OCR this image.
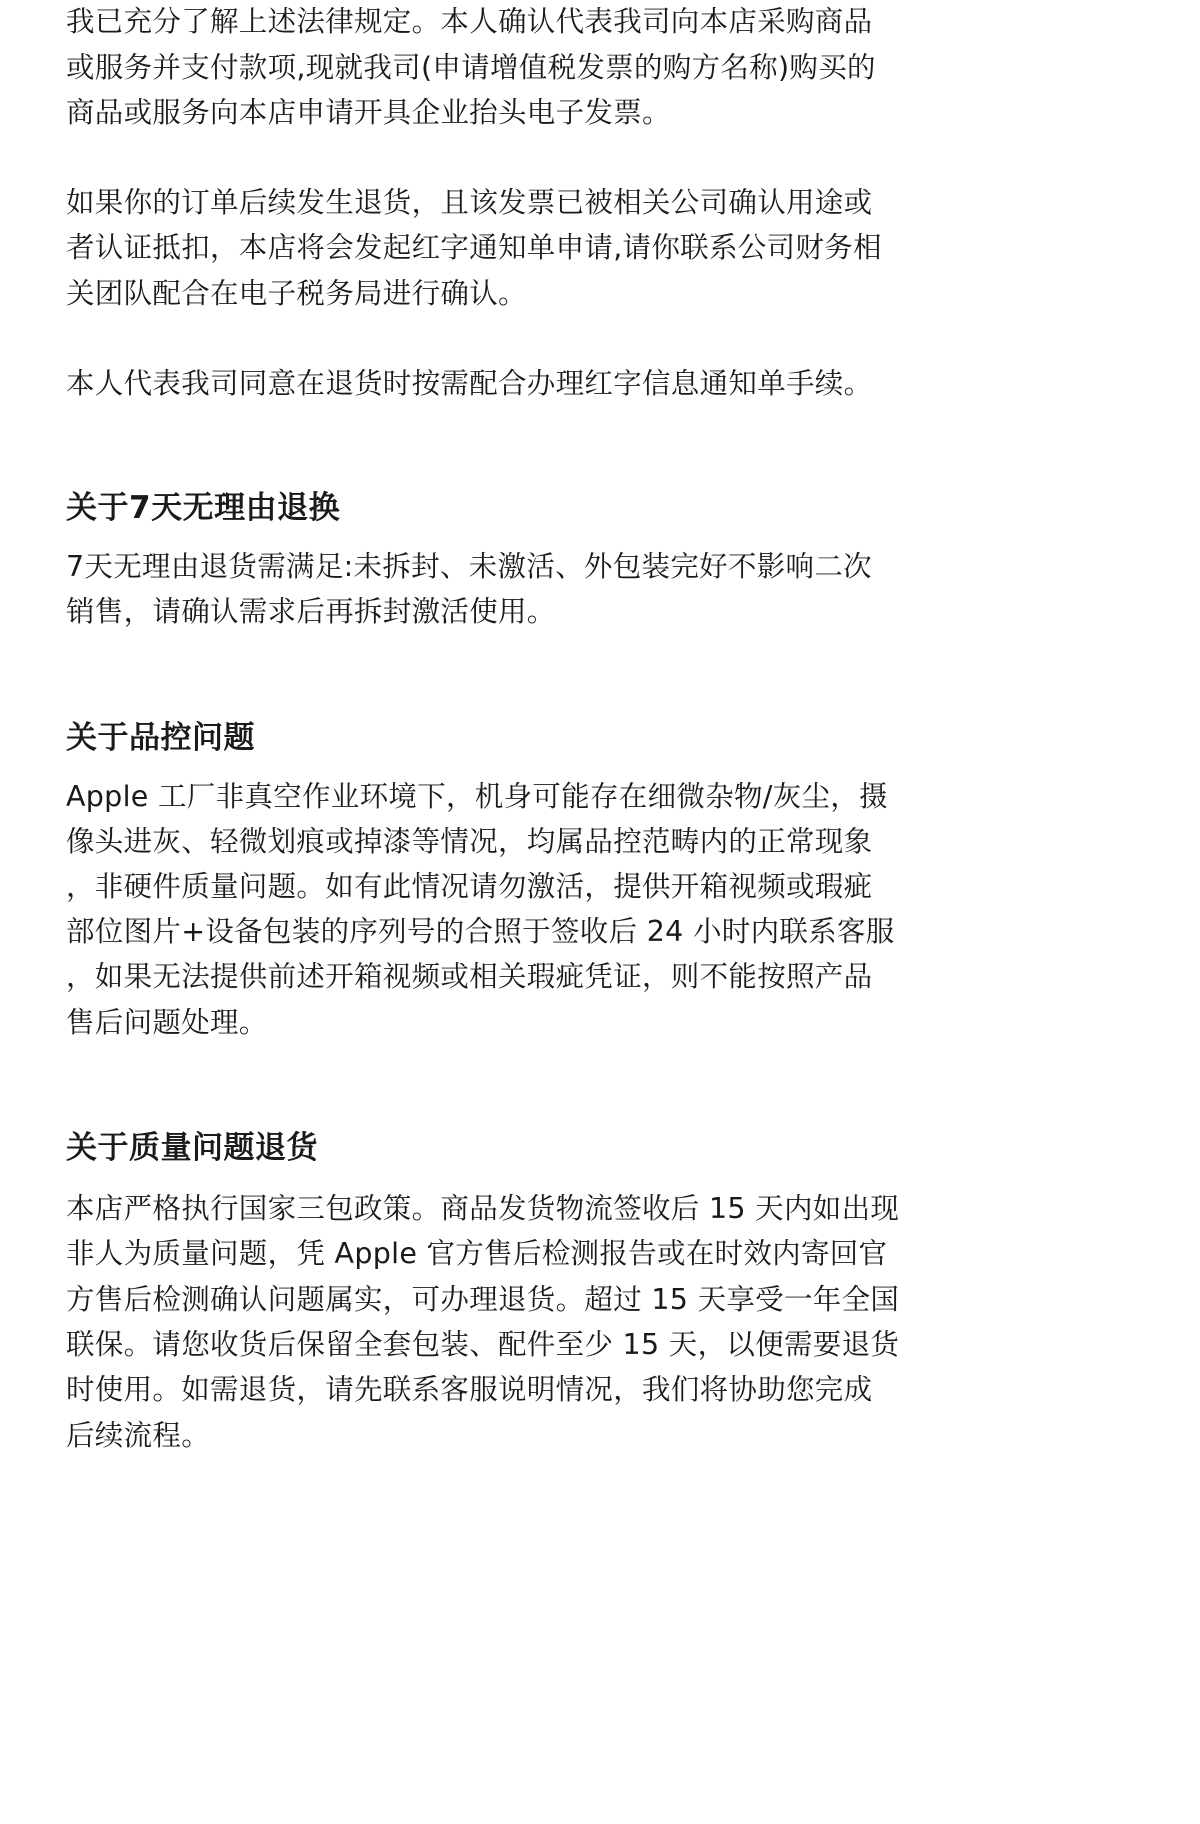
我已充分了解上述法律规定。本人确认代表我司向本店采购商品
或服务并支付款项,现就我司(申请增值税发票的购方名称)购买的
商品或服务向本店申请开具企业抬头电子发票。
如果你的订单后续发生退货，且该发票已被相关公司确认用途或
者认证抵扣，本店将会发起红字通知单申请,请你联系公司财务相
关团队配合在电子税务局进行确认。
本人代表我司同意在退货时按需配合办理红字信息通知单手续。
关于7天无理由退换
7天无理由退货需满足:未拆封、未激活、外包装完好不影响二次
销售，请确认需求后再拆封激活使用。
关于品控问题
Apple 工厂非真空作业环境下，机身可能存在细微杂物/灰尘，摄
像头进灰、轻微划痕或掉漆等情况，均属品控范畴内的正常现象
，非硬件质量问题。如有此情况请勿激活，提供开箱视频或瑕疵
部位图片+设备包装的序列号的合照于签收后 24 小时内联系客服
，如果无法提供前述开箱视频或相关瑕疵凭证，则不能按照产品
售后问题处理。
关于质量问题退货
本店严格执行国家三包政策。商品发货物流签收后 15 天内如出现
非人为质量问题，凭 Apple 官方售后检测报告或在时效内寄回官
方售后检测确认问题属实，可办理退货。超过 15 天享受一年全国
联保。请您收货后保留全套包装、配件至少 15 天，以便需要退货
时使用。如需退货，请先联系客服说明情况，我们将协助您完成
后续流程。
